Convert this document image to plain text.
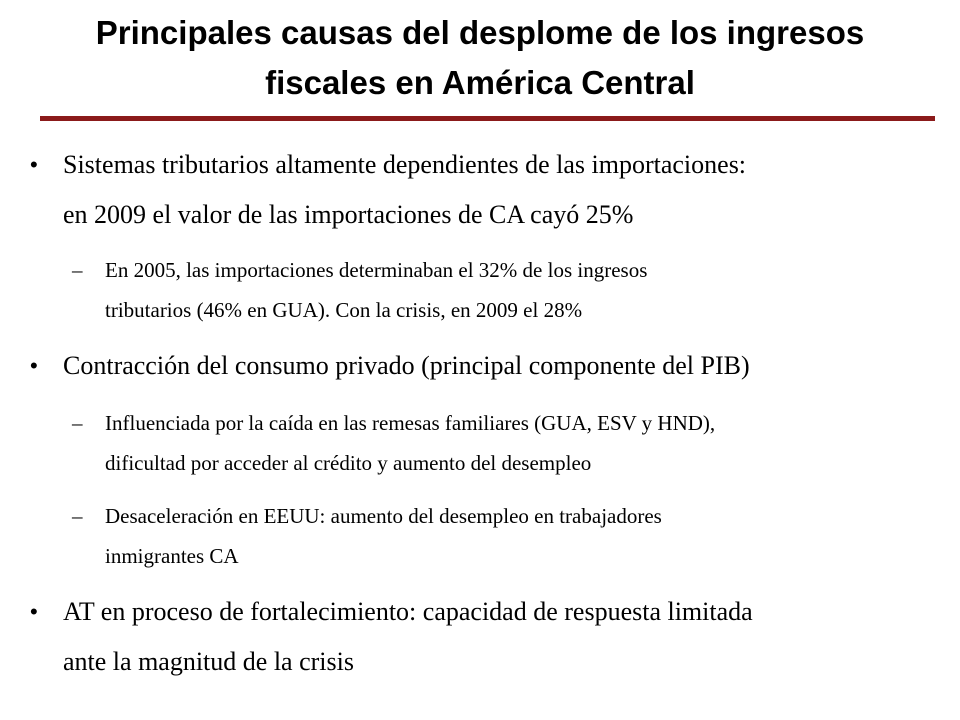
Principales causas del desplome de los ingresos
fiscales en América Central
• Sistemas tributarios altamente dependientes de las importaciones:
en 2009 el valor de las importaciones de CA cayó 25%
–	En 2005, las importaciones determinaban el 32% de los ingresos
tributarios (46% en GUA). Con la crisis, en 2009 el 28%
• Contracción del consumo privado (principal componente del PIB)
–	Influenciada por la caída en las remesas familiares (GUA, ESV y HND),
dificultad por acceder al crédito y aumento del desempleo
–	Desaceleración en EEUU: aumento del desempleo en trabajadores
inmigrantes CA
• AT en proceso de fortalecimiento: capacidad de respuesta limitada
ante la magnitud de la crisis
